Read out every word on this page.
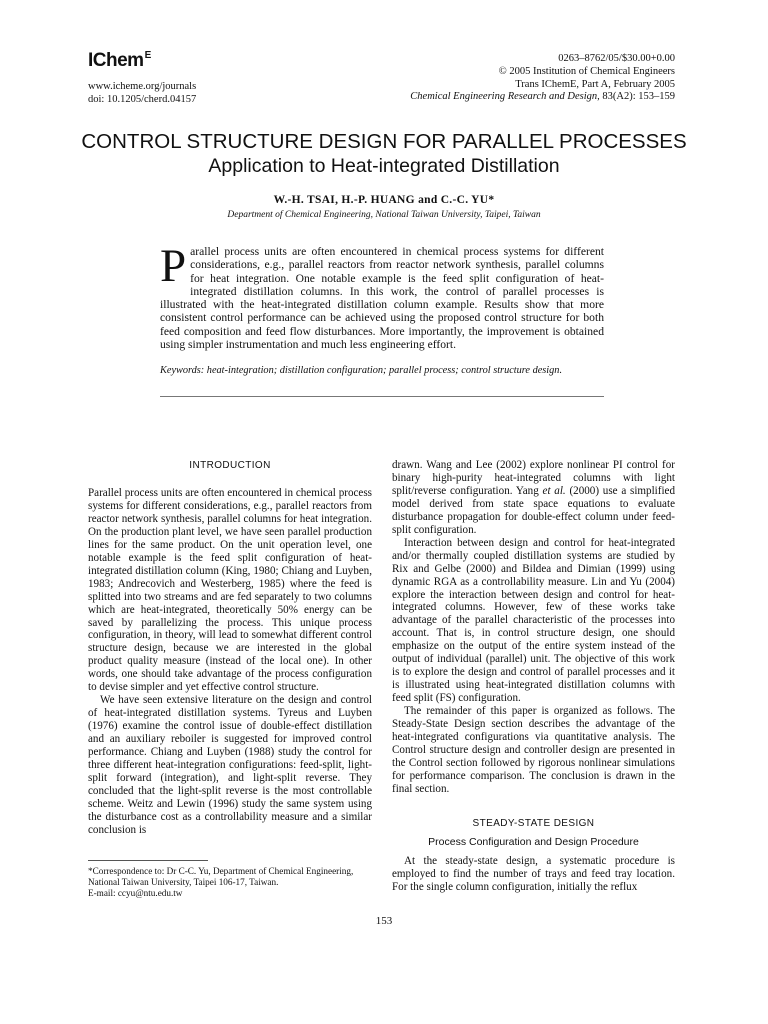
IChem$^E$
www.icheme.org/journals
doi: 10.1205/cherd.04157
0263–8762/05/$30.00+0.00
© 2005 Institution of Chemical Engineers
Trans IChemE, Part A, February 2005
Chemical Engineering Research and Design, 83(A2): 153–159
CONTROL STRUCTURE DESIGN FOR PARALLEL PROCESSES
Application to Heat-integrated Distillation
W.-H. TSAI, H.-P. HUANG and C.-C. YU*
Department of Chemical Engineering, National Taiwan University, Taipei, Taiwan
Parallel process units are often encountered in chemical process systems for different considerations, e.g., parallel reactors from reactor network synthesis, parallel columns for heat integration. One notable example is the feed split configuration of heat-integrated distillation columns. In this work, the control of parallel processes is illustrated with the heat-integrated distillation column example. Results show that more consistent control performance can be achieved using the proposed control structure for both feed composition and feed flow disturbances. More importantly, the improvement is obtained using simpler instrumentation and much less engineering effort.
Keywords: heat-integration; distillation configuration; parallel process; control structure design.
INTRODUCTION

Parallel process units are often encountered in chemical process systems for different considerations, e.g., parallel reactors from reactor network synthesis, parallel columns for heat integration. On the production plant level, we have seen parallel production lines for the same product. On the unit operation level, one notable example is the feed split configuration of heat-integrated distillation column (King, 1980; Chiang and Luyben, 1983; Andrecovich and Westerberg, 1985) where the feed is splitted into two streams and are fed separately to two columns which are heat-integrated, theoretically 50% energy can be saved by parallelizing the process. This unique process configuration, in theory, will lead to somewhat different control structure design, because we are interested in the global product quality measure (instead of the local one). In other words, one should take advantage of the process configuration to devise simpler and yet effective control structure.

We have seen extensive literature on the design and control of heat-integrated distillation systems. Tyreus and Luyben (1976) examine the control issue of double-effect distillation and an auxiliary reboiler is suggested for improved control performance. Chiang and Luyben (1988) study the control for three different heat-integration configurations: feed-split, light-split forward (integration), and light-split reverse. They concluded that the light-split reverse is the most controllable scheme. Weitz and Lewin (1996) study the same system using the disturbance cost as a controllability measure and a similar conclusion is

*Correspondence to: Dr C-C. Yu, Department of Chemical Engineering, National Taiwan University, Taipei 106-17, Taiwan.
E-mail: ccyu@ntu.edu.tw

drawn. Wang and Lee (2002) explore nonlinear PI control for binary high-purity heat-integrated columns with light split/reverse configuration. Yang et al. (2000) use a simplified model derived from state space equations to evaluate disturbance propagation for double-effect column under feed-split configuration.

Interaction between design and control for heat-integrated and/or thermally coupled distillation systems are studied by Rix and Gelbe (2000) and Bildea and Dimian (1999) using dynamic RGA as a controllability measure. Lin and Yu (2004) explore the interaction between design and control for heat-integrated columns. However, few of these works take advantage of the parallel characteristic of the processes into account. That is, in control structure design, one should emphasize on the output of the entire system instead of the output of individual (parallel) unit. The objective of this work is to explore the design and control of parallel processes and it is illustrated using heat-integrated distillation columns with feed split (FS) configuration.

The remainder of this paper is organized as follows. The Steady-State Design section describes the advantage of the heat-integrated configurations via quantitative analysis. The Control structure design and controller design are presented in the Control section followed by rigorous nonlinear simulations for performance comparison. The conclusion is drawn in the final section.

STEADY-STATE DESIGN
Process Configuration and Design Procedure

At the steady-state design, a systematic procedure is employed to find the number of trays and feed tray location. For the single column configuration, initially the reflux

153
